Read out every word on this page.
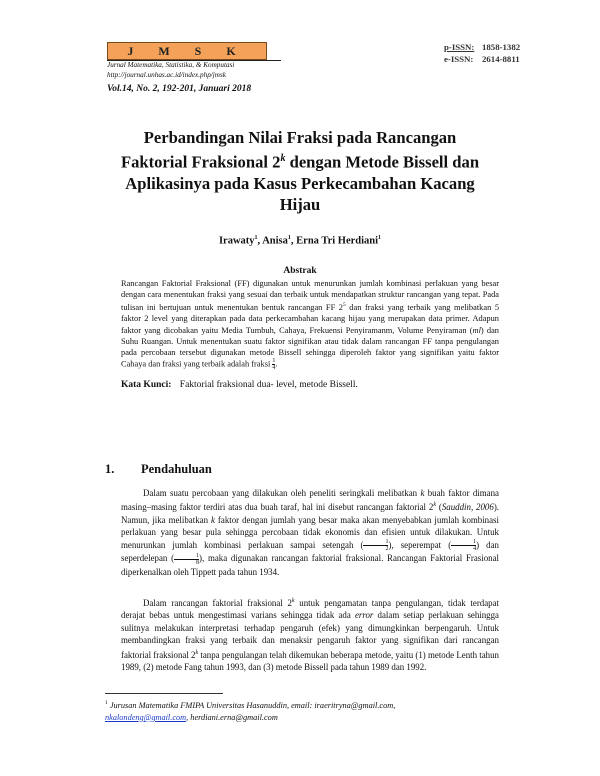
J M S K
Jurnal Matematika, Statistika, & Komputasi
http://journal.unhas.ac.id/index.php/jmsk
Vol.14, No. 2, 192-201, Januari 2018
p-ISSN: 1858-1382
e-ISSN: 2614-8811
Perbandingan Nilai Fraksi pada Rancangan
Faktorial Fraksional 2$^k$ dengan Metode Bissell dan
Aplikasinya pada Kasus Perkecambahan Kacang
Hijau
Irawaty$^1$, Anisa$^1$, Erna Tri Herdiani$^1$
Abstrak
Rancangan Faktorial Fraksional (FF) digunakan untuk menurunkan jumlah kombinasi perlakuan yang besar dengan cara menentukan fraksi yang sesuai dan terbaik untuk mendapatkan struktur rancangan yang tepat. Pada tulisan ini bertujuan untuk menentukan bentuk rancangan FF $2^5$ dan fraksi yang terbaik yang melibatkan 5 faktor 2 level yang diterapkan pada data perkecambahan kacang hijau yang merupakan data primer. Adapun faktor yang dicobakan yaitu Media Tumbuh, Cahaya, Frekuensi Penyiramanm, Volume Penyiraman (ml) dan Suhu Ruangan. Untuk menentukan suatu faktor signifikan atau tidak dalam rancangan FF tanpa pengulangan pada percobaan tersebut digunakan metode Bissell sehingga diperoleh faktor yang signifikan yaitu faktor Cahaya dan fraksi yang terbaik adalah fraksi $\frac{1}{4}$ .
Kata Kunci: Faktorial fraksional dua- level, metode Bissell.
1. Pendahuluan

Dalam suatu percobaan yang dilakukan oleh peneliti seringkali melibatkan k buah faktor dimana masing–masing faktor terdiri atas dua buah taraf, hal ini disebut rancangan faktorial 2$^k$ (Sauddin, 2006). Namun, jika melibatkan k faktor dengan jumlah yang besar maka akan menyebabkan jumlah kombinasi perlakuan yang besar pula sehingga percobaan tidak ekonomis dan efisien untuk dilakukan. Untuk menurunkan jumlah kombinasi perlakuan sampai setengah ( $\frac{1}{2}$ ), seperempat ( $\frac{1}{4}$ ) dan seperdelepan ( $\frac{1}{8}$ ), maka digunakan rancangan faktorial fraksional. Rancangan Faktorial Frasional diperkenalkan oleh Tippett pada tahun 1934.

Dalam rancangan faktorial fraksional 2$^k$ untuk pengamatan tanpa pengulangan, tidak terdapat derajat bebas untuk mengestimasi varians sehingga tidak ada error dalam setiap perlakuan sehingga sulitnya melakukan interpretasi terhadap pengaruh (efek) yang dimungkinkan berpengaruh. Untuk membandingkan fraksi yang terbaik dan menaksir pengaruh faktor yang signifikan dari rancangan faktorial fraksional 2$^k$ tanpa pengulangan telah dikemukan beberapa metode, yaitu (1) metode Lenth tahun 1989, (2) metode Fang tahun 1993, dan (3) metode Bissell pada tahun 1989 dan 1992.

$^1$ Jurusan Matematika FMIPA Universitas Hasanuddin, email: iraeritryna@gmail.com,
nkalondeng@gmail.com, herdiani.erna@gmail.com
